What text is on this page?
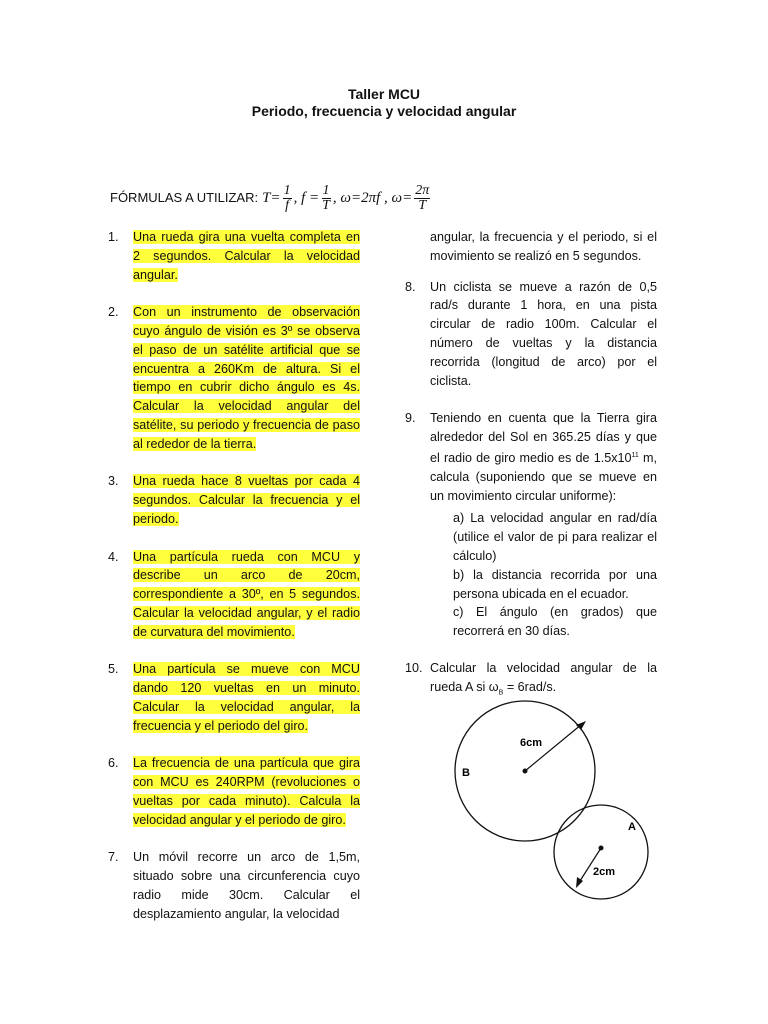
Taller MCU
Periodo, frecuencia y velocidad angular
FÓRMULAS A UTILIZAR: $T= \frac{1}{f}$ , $f = \frac{1}{T}$ , ω=2πf , $\omega= \frac{2\pi}{T}$
1.	Una rueda gira una vuelta completa en 2 segundos. Calcular la velocidad angular.
2.	Con un instrumento de observación cuyo ángulo de visión es 3º se observa el paso de un satélite artificial que se encuentra a 260Km de altura. Si el tiempo en cubrir dicho ángulo es 4s. Calcular la velocidad angular del satélite, su periodo y frecuencia de paso al rededor de la tierra.
3.	Una rueda hace 8 vueltas por cada 4 segundos. Calcular la frecuencia y el periodo.
4.	Una partícula rueda con MCU y describe un arco de 20cm, correspondiente a 30º, en 5 segundos. Calcular la velocidad angular, y el radio de curvatura del movimiento.
5.	Una partícula se mueve con MCU dando 120 vueltas en un minuto. Calcular la velocidad angular, la frecuencia y el periodo del giro.
6.	La frecuencia de una partícula que gira con MCU es 240RPM (revoluciones o vueltas por cada minuto). Calcula la velocidad angular y el periodo de giro.
7.	Un móvil recorre un arco de 1,5m, situado sobre una circunferencia cuyo radio mide 30cm. Calcular el desplazamiento angular, la velocidad
angular, la frecuencia y el periodo, si el movimiento se realizó en 5 segundos.
8.	Un ciclista se mueve a razón de 0,5 rad/s durante 1 hora, en una pista circular de radio 100m. Calcular el número de vueltas y la distancia recorrida (longitud de arco) por el ciclista.
9.	Teniendo en cuenta que la Tierra gira alrededor del Sol en 365.25 días y que el radio de giro medio es de $1.5x10^{11}$ m, calcula (suponiendo que se mueve en un movimiento circular uniforme):
a) La velocidad angular en rad/día (utilice el valor de pi para realizar el cálculo)
b) la distancia recorrida por una persona ubicada en el ecuador.
c) El ángulo (en grados) que recorrerá en 30 días.
10. Calcular la velocidad angular de la rueda A si $\omega_B = 6rad/s$.
6cm
B
A
2cm
